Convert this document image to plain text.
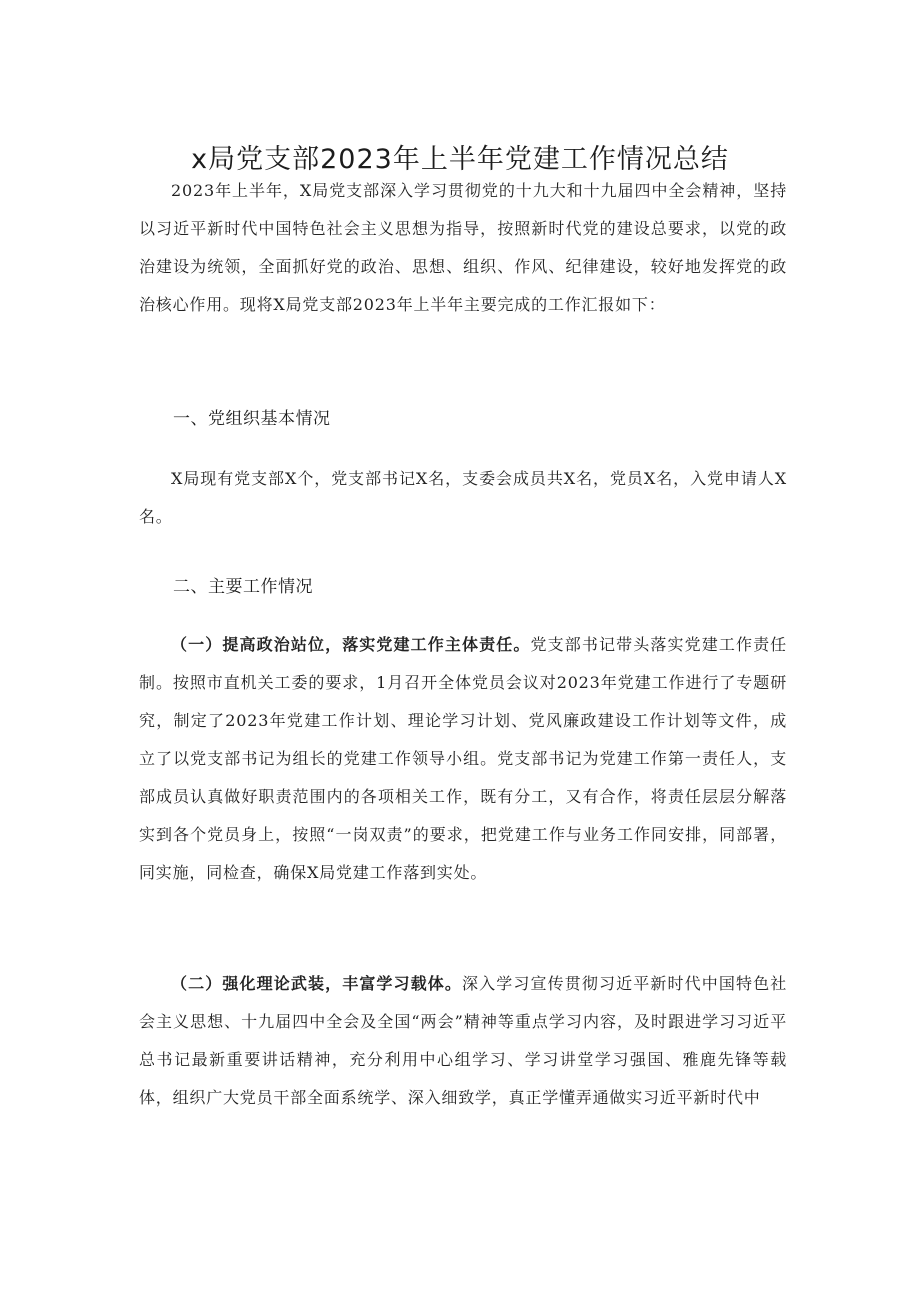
x局党支部2023年上半年党建工作情况总结

2023年上半年，X局党支部深入学习贯彻党的十九大和十九届四中全会精神，坚持以习近平新时代中国特色社会主义思想为指导，按照新时代党的建设总要求，以党的政治建设为统领，全面抓好党的政治、思想、组织、作风、纪律建设，较好地发挥党的政治核心作用。现将X局党支部2023年上半年主要完成的工作汇报如下：

一、党组织基本情况

X局现有党支部X个，党支部书记X名，支委会成员共X名，党员X名，入党申请人X名。

二、主要工作情况

（一）提高政治站位，落实党建工作主体责任。党支部书记带头落实党建工作责任制。按照市直机关工委的要求，1月召开全体党员会议对2023年党建工作进行了专题研究，制定了2023年党建工作计划、理论学习计划、党风廉政建设工作计划等文件，成立了以党支部书记为组长的党建工作领导小组。党支部书记为党建工作第一责任人，支部成员认真做好职责范围内的各项相关工作，既有分工，又有合作，将责任层层分解落实到各个党员身上，按照“一岗双责”的要求，把党建工作与业务工作同安排，同部署，同实施，同检查，确保X局党建工作落到实处。

（二）强化理论武装，丰富学习载体。深入学习宣传贯彻习近平新时代中国特色社会主义思想、十九届四中全会及全国“两会”精神等重点学习内容，及时跟进学习习近平总书记最新重要讲话精神，充分利用中心组学习、学习讲堂学习强国、雅鹿先锋等载体，组织广大党员干部全面系统学、深入细致学，真正学懂弄通做实习近平新时代中
